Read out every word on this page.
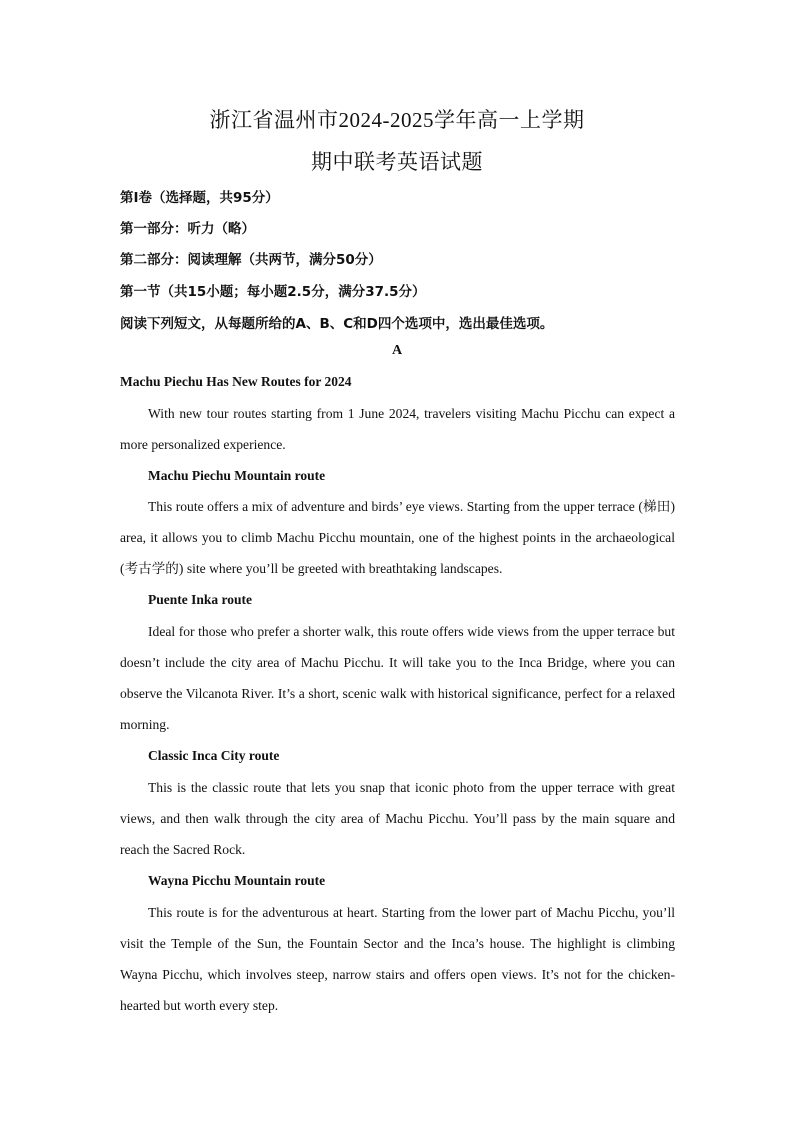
浙江省温州市2024-2025学年高一上学期
期中联考英语试题
第Ⅰ卷（选择题，共95分）
第一部分：听力（略）
第二部分：阅读理解（共两节，满分50分）
第一节（共15小题；每小题2.5分，满分37.5分）
阅读下列短文，从每题所给的A、B、C和D四个选项中，选出最佳选项。
A
Machu Piechu Has New Routes for 2024

With new tour routes starting from 1 June 2024, travelers visiting Machu Picchu can expect a more personalized experience.

Machu Piechu Mountain route

This route offers a mix of adventure and birds’ eye views. Starting from the upper terrace (梯田) area, it allows you to climb Machu Picchu mountain, one of the highest points in the archaeological (考古学的) site where you’ll be greeted with breathtaking landscapes.

Puente Inka route

Ideal for those who prefer a shorter walk, this route offers wide views from the upper terrace but doesn’t include the city area of Machu Picchu. It will take you to the Inca Bridge, where you can observe the Vilcanota River. It’s a short, scenic walk with historical significance, perfect for a relaxed morning.

Classic Inca City route

This is the classic route that lets you snap that iconic photo from the upper terrace with great views, and then walk through the city area of Machu Picchu. You’ll pass by the main square and reach the Sacred Rock.

Wayna Picchu Mountain route

This route is for the adventurous at heart. Starting from the lower part of Machu Picchu, you’ll visit the Temple of the Sun, the Fountain Sector and the Inca’s house. The highlight is climbing Wayna Picchu, which involves steep, narrow stairs and offers open views. It’s not for the chicken-hearted but worth every step.
